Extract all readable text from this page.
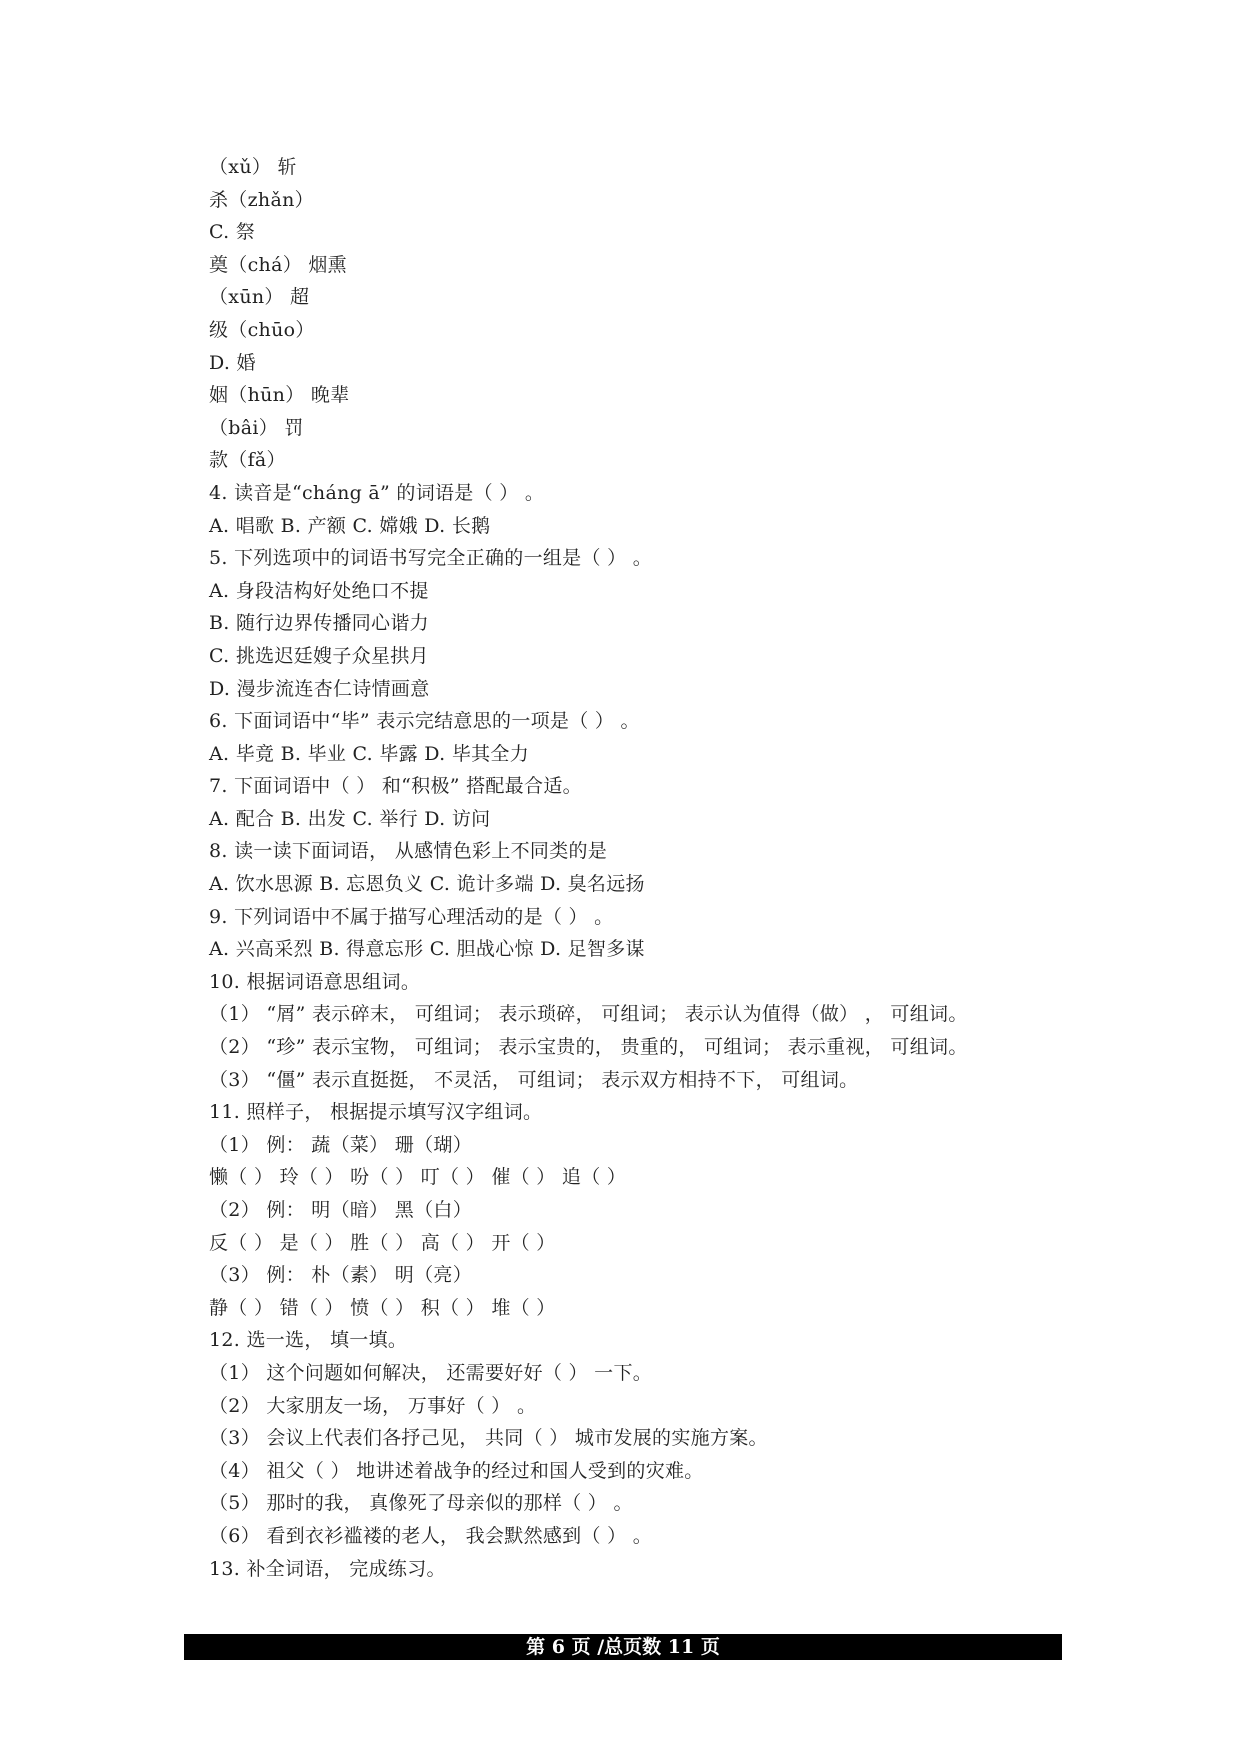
（xǔ） 斩
杀（zhǎn）
C. 祭
奠（chá） 烟熏
（xūn） 超
级（chūo）
D. 婚
姻（hūn） 晚辈
（bâi） 罚
款（fǎ）
4. 读音是“cháng ā” 的词语是（ ） 。
A. 唱歌 B. 产额 C. 嫦娥 D. 长鹅
5. 下列选项中的词语书写完全正确的一组是（ ） 。
A. 身段洁构好处绝口不提
B. 随行边界传播同心谐力
C. 挑选迟廷嫂子众星拱月
D. 漫步流连杏仁诗情画意
6. 下面词语中“毕” 表示完结意思的一项是（ ） 。
A. 毕竟 B. 毕业 C. 毕露 D. 毕其全力
7. 下面词语中（ ） 和“积极” 搭配最合适。
A. 配合 B. 出发 C. 举行 D. 访问
8. 读一读下面词语， 从感情色彩上不同类的是
A. 饮水思源 B. 忘恩负义 C. 诡计多端 D. 臭名远扬
9. 下列词语中不属于描写心理活动的是（ ） 。
A. 兴高采烈 B. 得意忘形 C. 胆战心惊 D. 足智多谋
10. 根据词语意思组词。
（1） “屑” 表示碎末， 可组词； 表示琐碎， 可组词； 表示认为值得（做） ， 可组词。
（2） “珍” 表示宝物， 可组词； 表示宝贵的， 贵重的， 可组词； 表示重视， 可组词。
（3） “僵” 表示直挺挺， 不灵活， 可组词； 表示双方相持不下， 可组词。
11. 照样子， 根据提示填写汉字组词。
（1） 例： 蔬（菜） 珊（瑚）
懒（ ） 玲（ ） 吩（ ） 叮（ ） 催（ ） 追（ ）
（2） 例： 明（暗） 黑（白）
反（ ） 是（ ） 胜（ ） 高（ ） 开（ ）
（3） 例： 朴（素） 明（亮）
静（ ） 错（ ） 愤（ ） 积（ ） 堆（ ）
12. 选一选， 填一填。
（1） 这个问题如何解决， 还需要好好（ ） 一下。
（2） 大家朋友一场， 万事好（ ） 。
（3） 会议上代表们各抒己见， 共同（ ） 城市发展的实施方案。
（4） 祖父（ ） 地讲述着战争的经过和国人受到的灾难。
（5） 那时的我， 真像死了母亲似的那样（ ） 。
（6） 看到衣衫褴褛的老人， 我会默然感到（ ） 。
13. 补全词语， 完成练习。
第 6 页 /总页数 11 页
